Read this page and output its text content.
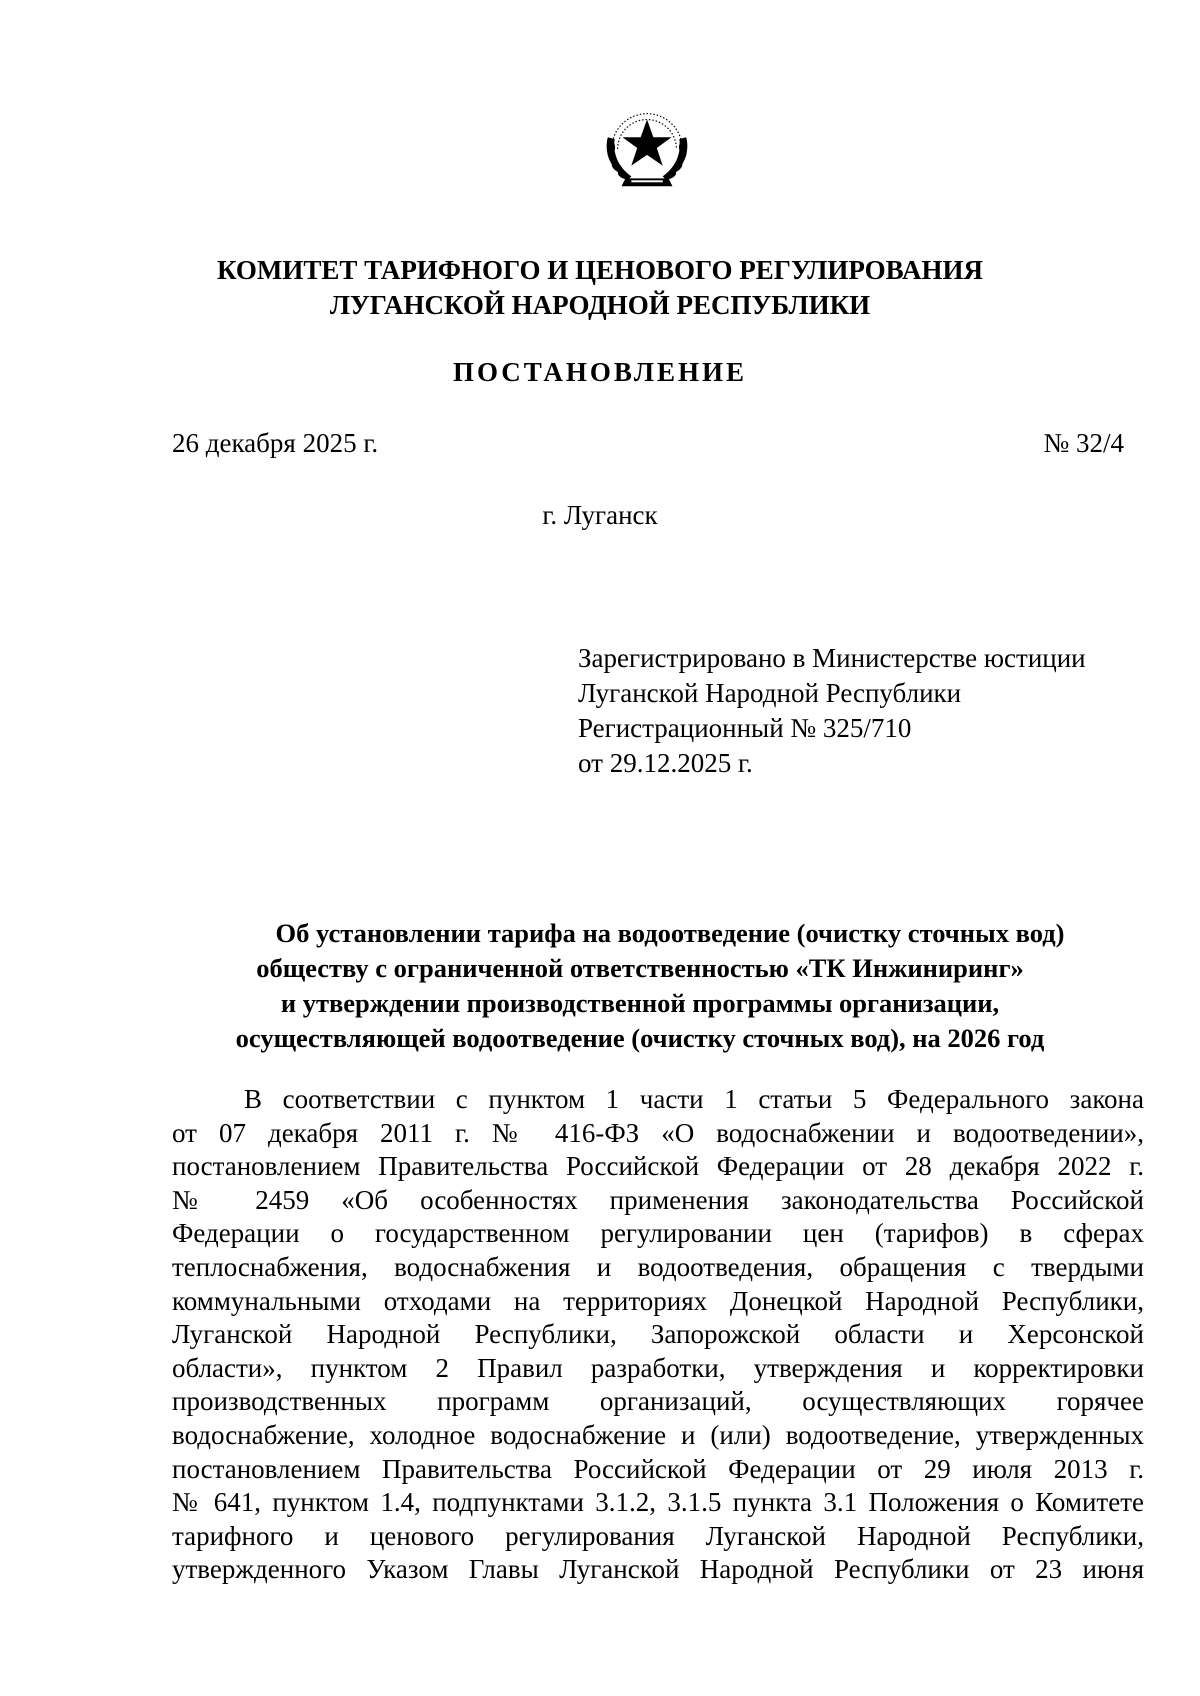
КОМИТЕТ ТАРИФНОГО И ЦЕНОВОГО РЕГУЛИРОВАНИЯ
ЛУГАНСКОЙ НАРОДНОЙ РЕСПУБЛИКИ
ПОСТАНОВЛЕНИЕ
26 декабря 2025 г.	№ 32/4
г. Луганск
Зарегистрировано в Министерстве юстиции
Луганской Народной Республики
Регистрационный № 325/710
от 29.12.2025 г.
Об установлении тарифа на водоотведение (очистку сточных вод)
обществу с ограниченной ответственностью «ТК Инжиниринг»
и утверждении производственной программы организации,
осуществляющей водоотведение (очистку сточных вод), на 2026 год
В соответствии с пунктом 1 части 1 статьи 5 Федерального закона
от 07 декабря 2011 г. № 416-ФЗ «О водоснабжении и водоотведении»,
постановлением Правительства Российской Федерации от 28 декабря 2022 г.
№ 2459 «Об особенностях применения законодательства Российской
Федерации о государственном регулировании цен (тарифов) в сферах
теплоснабжения, водоснабжения и водоотведения, обращения с твердыми
коммунальными отходами на территориях Донецкой Народной Республики,
Луганской Народной Республики, Запорожской области и Херсонской
области», пунктом 2 Правил разработки, утверждения и корректировки
производственных программ организаций, осуществляющих горячее
водоснабжение, холодное водоснабжение и (или) водоотведение, утвержденных
постановлением Правительства Российской Федерации от 29 июля 2013 г.
№ 641, пунктом 1.4, подпунктами 3.1.2, 3.1.5 пункта 3.1 Положения о Комитете
тарифного и ценового регулирования Луганской Народной Республики,
утвержденного Указом Главы Луганской Народной Республики от 23 июня
